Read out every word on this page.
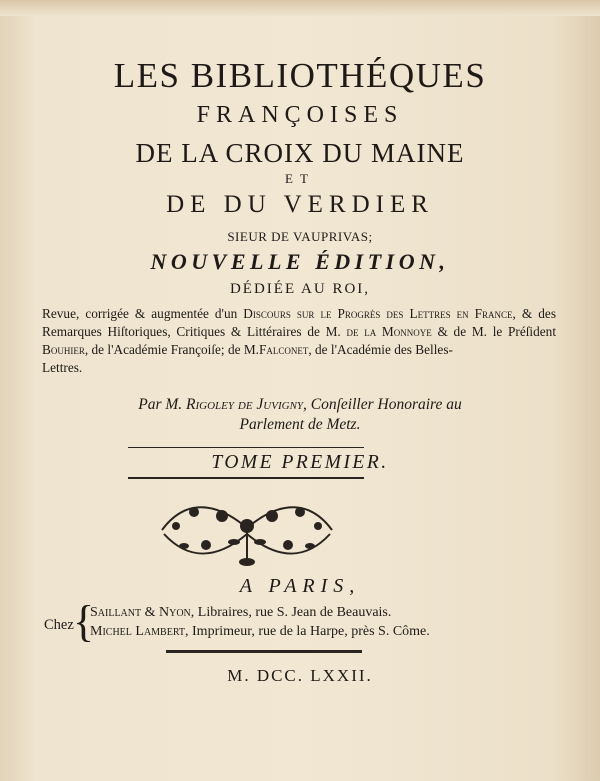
LES BIBLIOTHÉQUES
FRANÇOISES
DE LA CROIX DU MAINE
ET
DE DU VERDIER
SIEUR DE VAUPRIVAS;
NOUVELLE ÉDITION,
DÉDIÉE AU ROI,
Revue, corrigée & augmentée d'un Discours sur le Progrès des Lettres en France, & des Remarques Hiſtoriques, Critiques & Littéraires de M. de la Monnoye & de M. le Préſident Bouhier, de l'Académie Françoiſe; de M.Falconet, de l'Académie des Belles-
Lettres.
Par M. Rigoley de Juvigny, Conſeiller Honoraire au
Parlement de Metz.
TOME PREMIER.
A PARIS,
Chez {
Saillant & Nyon, Libraires, rue S. Jean de Beauvais.
Michel Lambert, Imprimeur, rue de la Harpe, près S. Côme.
M. DCC. LXXII.
